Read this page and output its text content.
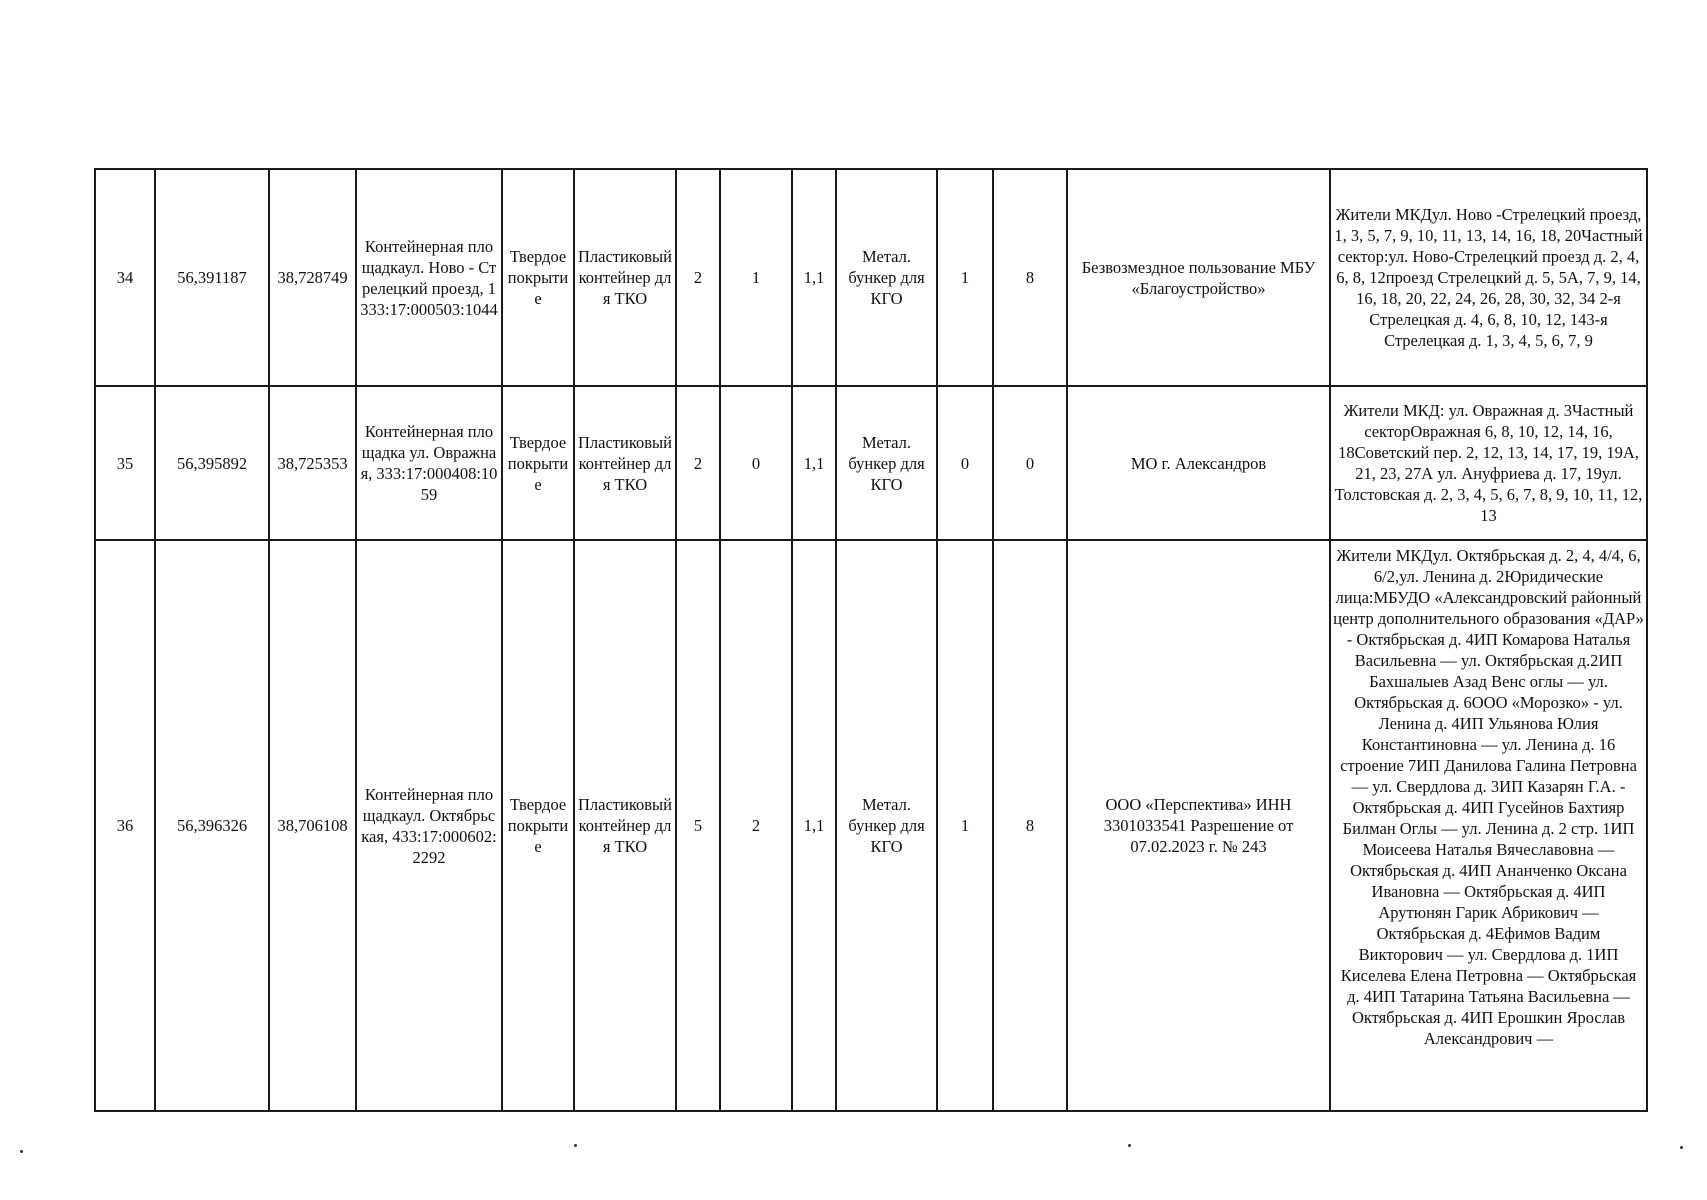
34	56,391187	38,728749	Контейнерная площадкаул. Ново - Стрелецкий проезд, 1333:17:000503:1044	Твердое покрытие	Пластиковый контейнер для ТКО	2	1	1,1	Метал. бункер для КГО	1	8	Безвозмездное пользование МБУ «Благоустройство»	Жители МКДул. Ново -Стрелецкий проезд, 1, 3, 5, 7, 9, 10, 11, 13, 14, 16, 18, 20Частный сектор:ул. Ново-Стрелецкий проезд д. 2, 4, 6, 8, 12проезд Стрелецкий д. 5, 5А, 7, 9, 14, 16, 18, 20, 22, 24, 26, 28, 30, 32, 34 2-я Стрелецкая д. 4, 6, 8, 10, 12, 143-я Стрелецкая д. 1, 3, 4, 5, 6, 7, 9
35	56,395892	38,725353	Контейнерная площадка ул. Овражная, 333:17:000408:1059	Твердое покрытие	Пластиковый контейнер для ТКО	2	0	1,1	Метал. бункер для КГО	0	0	МО г. Александров	Жители МКД: ул. Овражная д. 3Частный секторОвражная 6, 8, 10, 12, 14, 16, 18Советский пер. 2, 12, 13, 14, 17, 19, 19А, 21, 23, 27А ул. Ануфриева д. 17, 19ул. Толстовская д. 2, 3, 4, 5, 6, 7, 8, 9, 10, 11, 12, 13
36	56,396326	38,706108	Контейнерная площадкаул. Октябрьская, 433:17:000602:2292	Твердое покрытие	Пластиковый контейнер для ТКО	5	2	1,1	Метал. бункер для КГО	1	8	ООО «Перспектива» ИНН 3301033541 Разрешение от 07.02.2023 г. № 243	Жители МКДул. Октябрьская д. 2, 4, 4/4, 6, 6/2,ул. Ленина д. 2Юридические лица:МБУДО «Александровский районный центр дополнительного образования «ДАР» - Октябрьская д. 4ИП Комарова Наталья Васильевна — ул. Октябрьская д.2ИП Бахшалыев Азад Венс оглы — ул. Октябрьская д. 6ООО «Морозко» - ул. Ленина д. 4ИП Ульянова Юлия Константиновна — ул. Ленина д. 16 строение 7ИП Данилова Галина Петровна — ул. Свердлова д. 3ИП Казарян Г.А. - Октябрьская д. 4ИП Гусейнов Бахтияр Билман Оглы — ул. Ленина д. 2 стр. 1ИП Моисеева Наталья Вячеславовна — Октябрьская д. 4ИП Ананченко Оксана Ивановна — Октябрьская д. 4ИП Арутюнян Гарик Абрикович — Октябрьская д. 4Ефимов Вадим Викторович — ул. Свердлова д. 1ИП Киселева Елена Петровна — Октябрьская д. 4ИП Татарина Татьяна Васильевна — Октябрьская д. 4ИП Ерошкин Ярослав Александрович —
